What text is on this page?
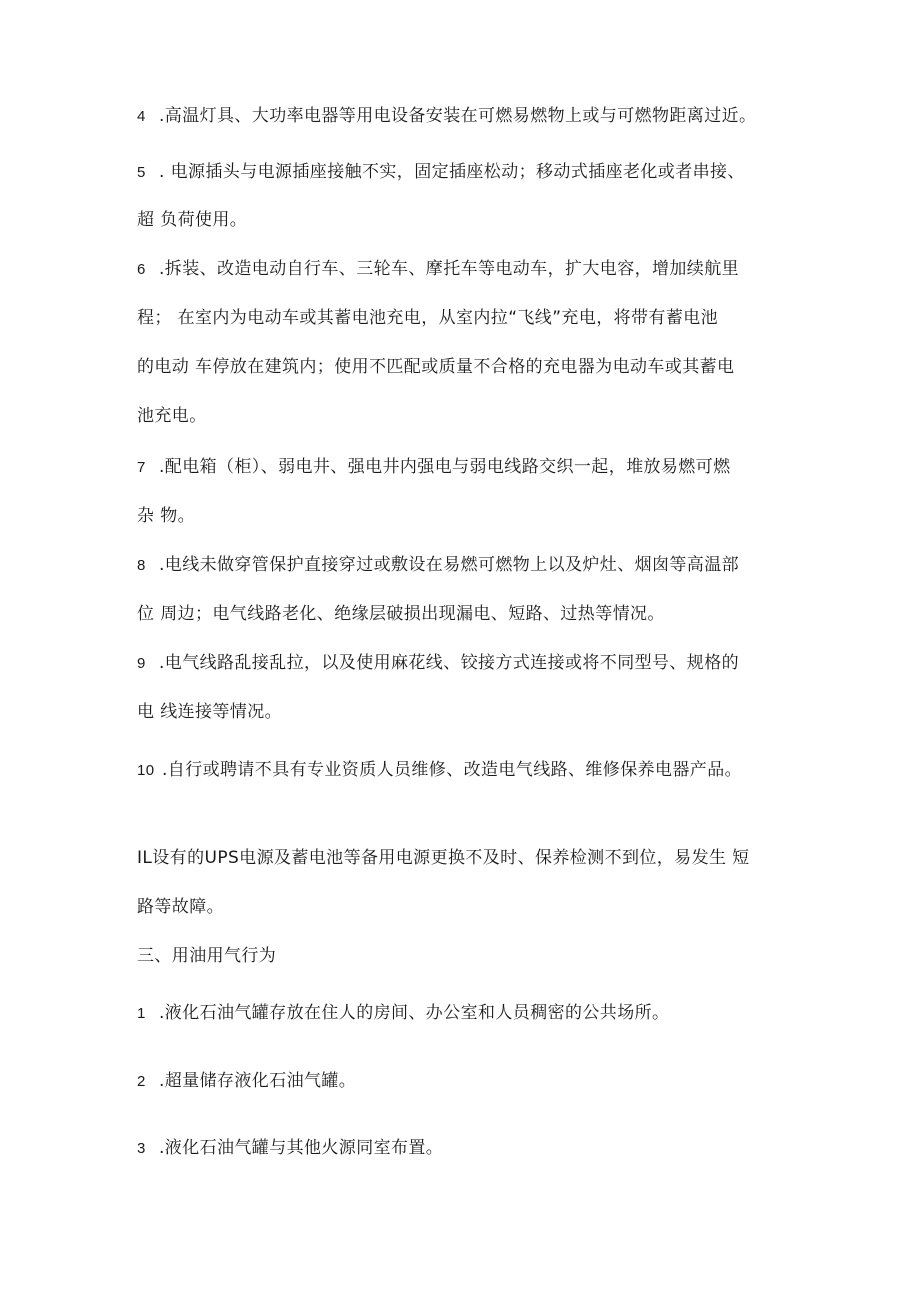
4 .高温灯具、大功率电器等用电设备安装在可燃易燃物上或与可燃物距离过近。
5 . 电源插头与电源插座接触不实，固定插座松动；移动式插座老化或者串接、
超 负荷使用。
6 .拆装、改造电动自行车、三轮车、摩托车等电动车，扩大电容，增加续航里
程； 在室内为电动车或其蓄电池充电，从室内拉“飞线”充电，将带有蓄电池
的电动 车停放在建筑内；使用不匹配或质量不合格的充电器为电动车或其蓄电
池充电。
7 .配电箱（柜）、弱电井、强电井内强电与弱电线路交织一起，堆放易燃可燃
杂 物。
8 .电线未做穿管保护直接穿过或敷设在易燃可燃物上以及炉灶、烟囱等高温部
位 周边；电气线路老化、绝缘层破损出现漏电、短路、过热等情况。
9 .电气线路乱接乱拉，以及使用麻花线、铰接方式连接或将不同型号、规格的
电 线连接等情况。
10 .自行或聘请不具有专业资质人员维修、改造电气线路、维修保养电器产品。
IL设有的UPS电源及蓄电池等备用电源更换不及时、保养检测不到位，易发生 短
路等故障。
三、用油用气行为
1 .液化石油气罐存放在住人的房间、办公室和人员稠密的公共场所。
2 .超量储存液化石油气罐。
3 .液化石油气罐与其他火源同室布置。
